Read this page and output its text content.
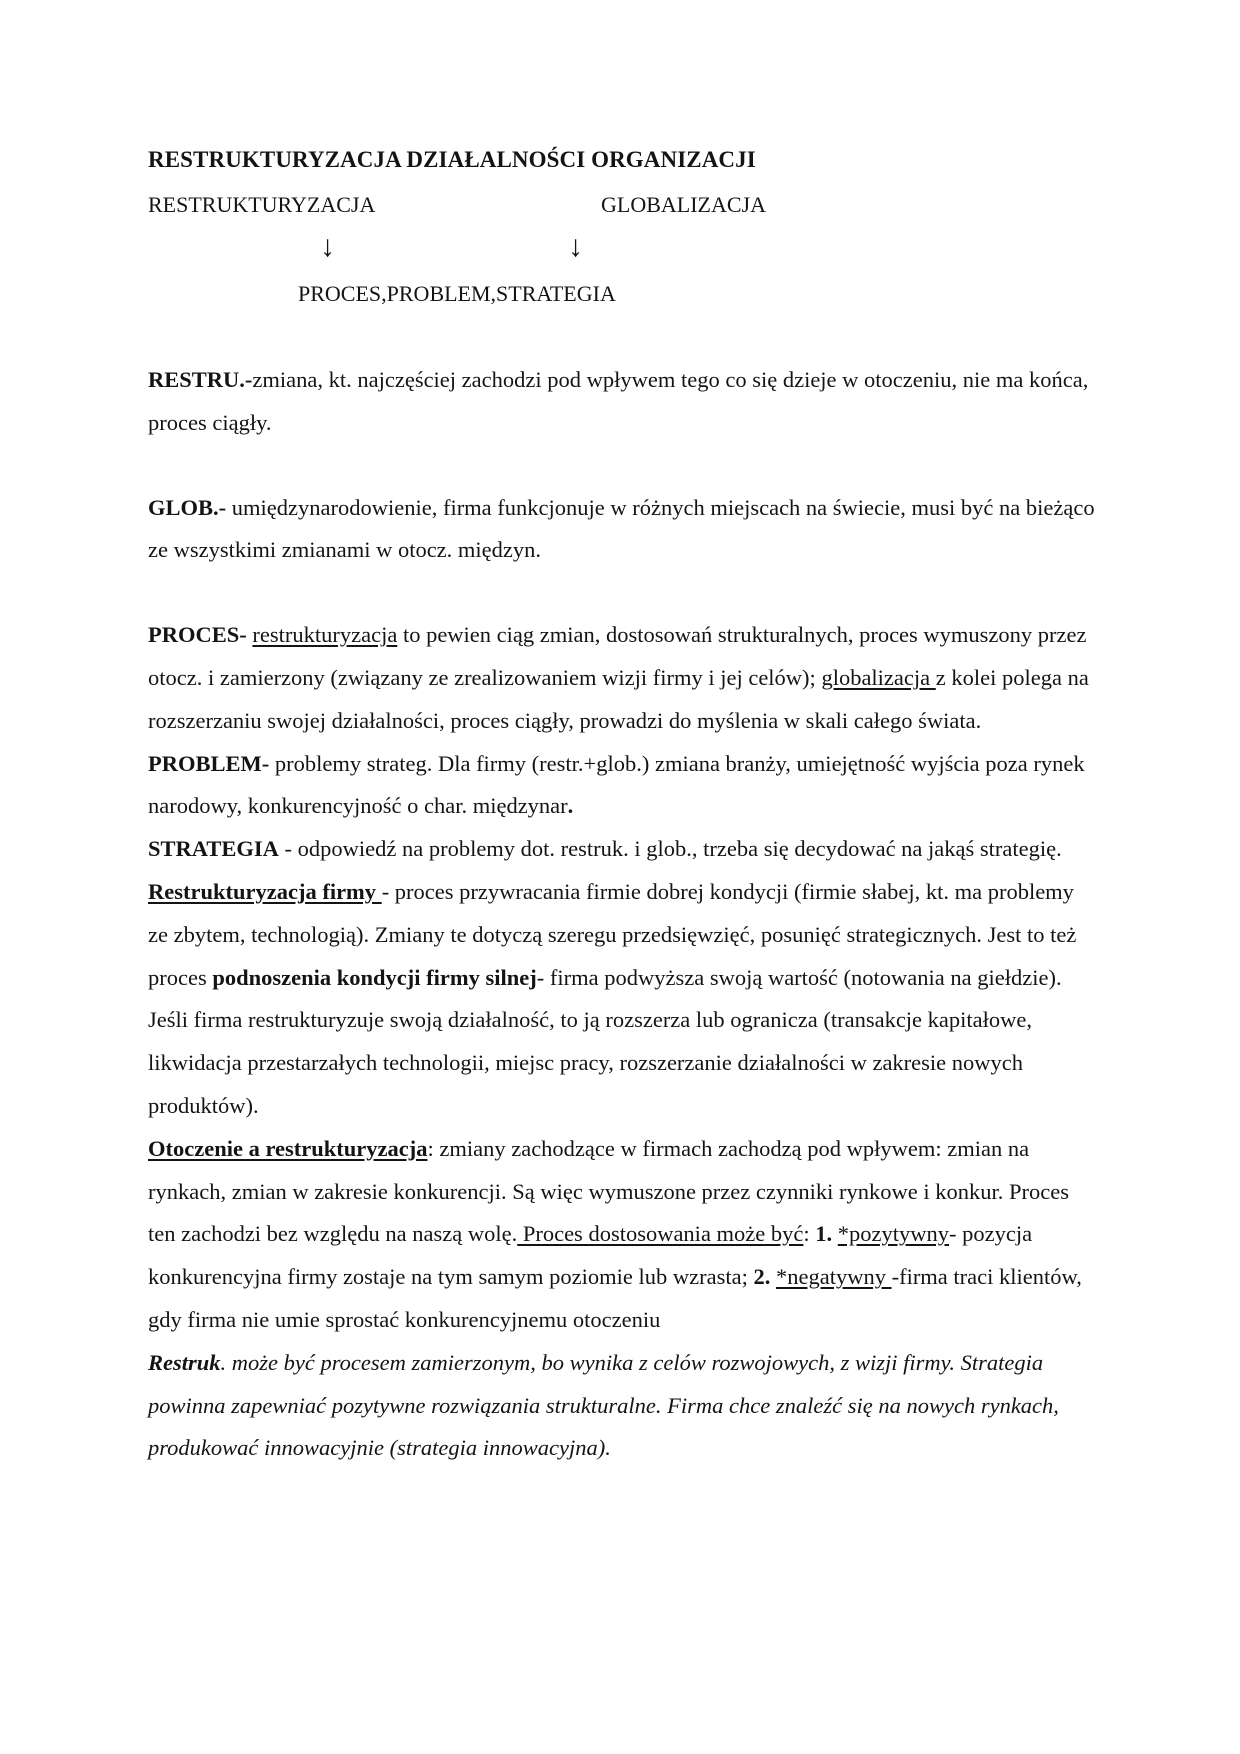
RESTRUKTURYZACJA DZIAŁALNOŚCI ORGANIZACJI
RESTRUKTURYZACJA	GLOBALIZACJA
↓	↓
PROCES,PROBLEM,STRATEGIA

RESTRU.-zmiana, kt. najczęściej zachodzi pod wpływem tego co się dzieje w otoczeniu, nie ma końca, proces ciągły.

GLOB.- umiędzynarodowienie, firma funkcjonuje w różnych miejscach na świecie, musi być na bieżąco ze wszystkimi zmianami w otocz. międzyn.

PROCES- restrukturyzacja to pewien ciąg zmian, dostosowań strukturalnych, proces wymuszony przez otocz. i zamierzony (związany ze zrealizowaniem wizji firmy i jej celów); globalizacja z kolei polega na rozszerzaniu swojej działalności, proces ciągły, prowadzi do myślenia w skali całego świata.

PROBLEM- problemy strateg. Dla firmy (restr.+glob.) zmiana branży, umiejętność wyjścia poza rynek narodowy, konkurencyjność o char. międzynar.

STRATEGIA - odpowiedź na problemy dot. restruk. i glob., trzeba się decydować na jakąś strategię.

Restrukturyzacja firmy - proces przywracania firmie dobrej kondycji (firmie słabej, kt. ma problemy ze zbytem, technologią). Zmiany te dotyczą szeregu przedsięwzięć, posunięć strategicznych. Jest to też proces podnoszenia kondycji firmy silnej- firma podwyższa swoją wartość (notowania na giełdzie). Jeśli firma restrukturyzuje swoją działalność, to ją rozszerza lub ogranicza (transakcje kapitałowe, likwidacja przestarzałych technologii, miejsc pracy, rozszerzanie działalności w zakresie nowych produktów).

Otoczenie a restrukturyzacja: zmiany zachodzące w firmach zachodzą pod wpływem: zmian na rynkach, zmian w zakresie konkurencji. Są więc wymuszone przez czynniki rynkowe i konkur. Proces ten zachodzi bez względu na naszą wolę. Proces dostosowania może być: 1. *pozytywny- pozycja konkurencyjna firmy zostaje na tym samym poziomie lub wzrasta; 2. *negatywny -firma traci klientów, gdy firma nie umie sprostać konkurencyjnemu otoczeniu

Restruk. może być procesem zamierzonym, bo wynika z celów rozwojowych, z wizji firmy. Strategia powinna zapewniać pozytywne rozwiązania strukturalne. Firma chce znaleźć się na nowych rynkach, produkować innowacyjnie (strategia innowacyjna).
